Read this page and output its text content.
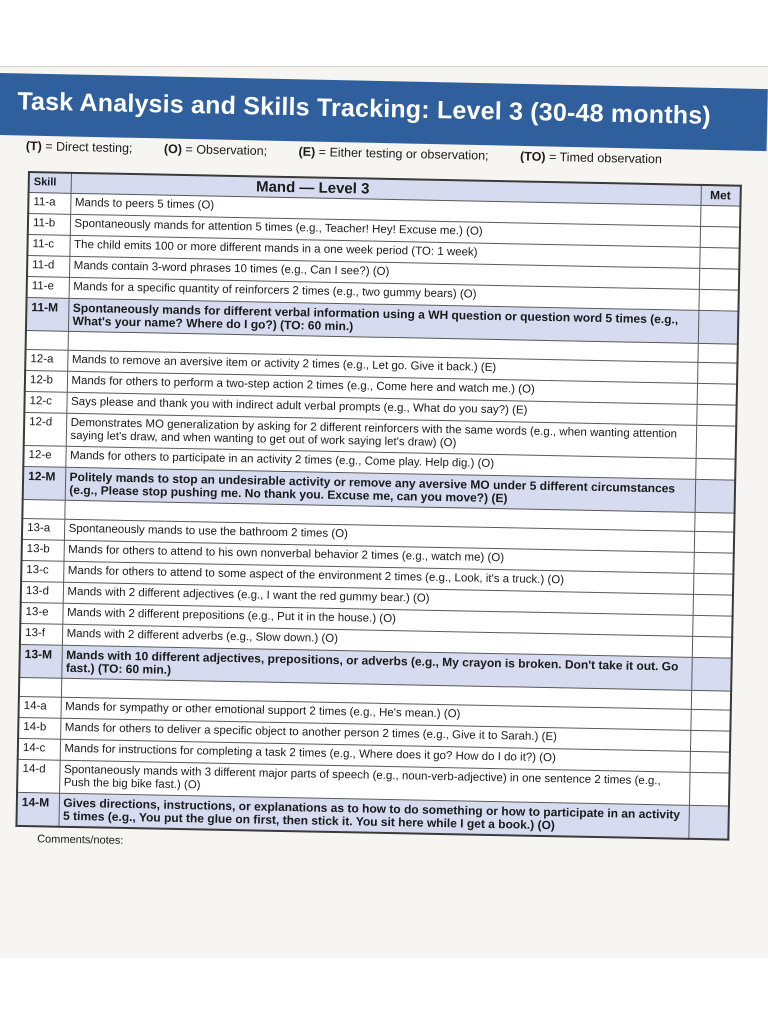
Task Analysis and Skills Tracking: Level 3 (30-48 months)
(T) = Direct testing; (O) = Observation; (E) = Either testing or observation; (TO) = Timed observation
Skill	Mand — Level 3	Met
11-a	Mands to peers 5 times (O)	
11-b	Spontaneously mands for attention 5 times (e.g., Teacher! Hey! Excuse me.) (O)	
11-c	The child emits 100 or more different mands in a one week period (TO: 1 week)	
11-d	Mands contain 3-word phrases 10 times (e.g., Can I see?) (O)	
11-e	Mands for a specific quantity of reinforcers 2 times (e.g., two gummy bears) (O)	
11-M	Spontaneously mands for different verbal information using a WH question or question word 5 times (e.g., What's your name? Where do I go?) (TO: 60 min.)	

12-a	Mands to remove an aversive item or activity 2 times (e.g., Let go. Give it back.) (E)	
12-b	Mands for others to perform a two-step action 2 times (e.g., Come here and watch me.) (O)	
12-c	Says please and thank you with indirect adult verbal prompts (e.g., What do you say?) (E)	
12-d	Demonstrates MO generalization by asking for 2 different reinforcers with the same words (e.g., when wanting attention saying let's draw, and when wanting to get out of work saying let's draw) (O)	
12-e	Mands for others to participate in an activity 2 times (e.g., Come play. Help dig.) (O)	
12-M	Politely mands to stop an undesirable activity or remove any aversive MO under 5 different circumstances (e.g., Please stop pushing me. No thank you. Excuse me, can you move?) (E)	

13-a	Spontaneously mands to use the bathroom 2 times (O)	
13-b	Mands for others to attend to his own nonverbal behavior 2 times (e.g., watch me) (O)	
13-c	Mands for others to attend to some aspect of the environment 2 times (e.g., Look, it's a truck.) (O)	
13-d	Mands with 2 different adjectives (e.g., I want the red gummy bear.) (O)	
13-e	Mands with 2 different prepositions (e.g., Put it in the house.) (O)	
13-f	Mands with 2 different adverbs (e.g., Slow down.) (O)	
13-M	Mands with 10 different adjectives, prepositions, or adverbs (e.g., My crayon is broken. Don't take it out. Go fast.) (TO: 60 min.)	

14-a	Mands for sympathy or other emotional support 2 times (e.g., He's mean.) (O)	
14-b	Mands for others to deliver a specific object to another person 2 times (e.g., Give it to Sarah.) (E)	
14-c	Mands for instructions for completing a task 2 times (e.g., Where does it go? How do I do it?) (O)	
14-d	Spontaneously mands with 3 different major parts of speech (e.g., noun-verb-adjective) in one sentence 2 times (e.g., Push the big bike fast.) (O)	
14-M	Gives directions, instructions, or explanations as to how to do something or how to participate in an activity 5 times (e.g., You put the glue on first, then stick it. You sit here while I get a book.) (O)	
Comments/notes:
